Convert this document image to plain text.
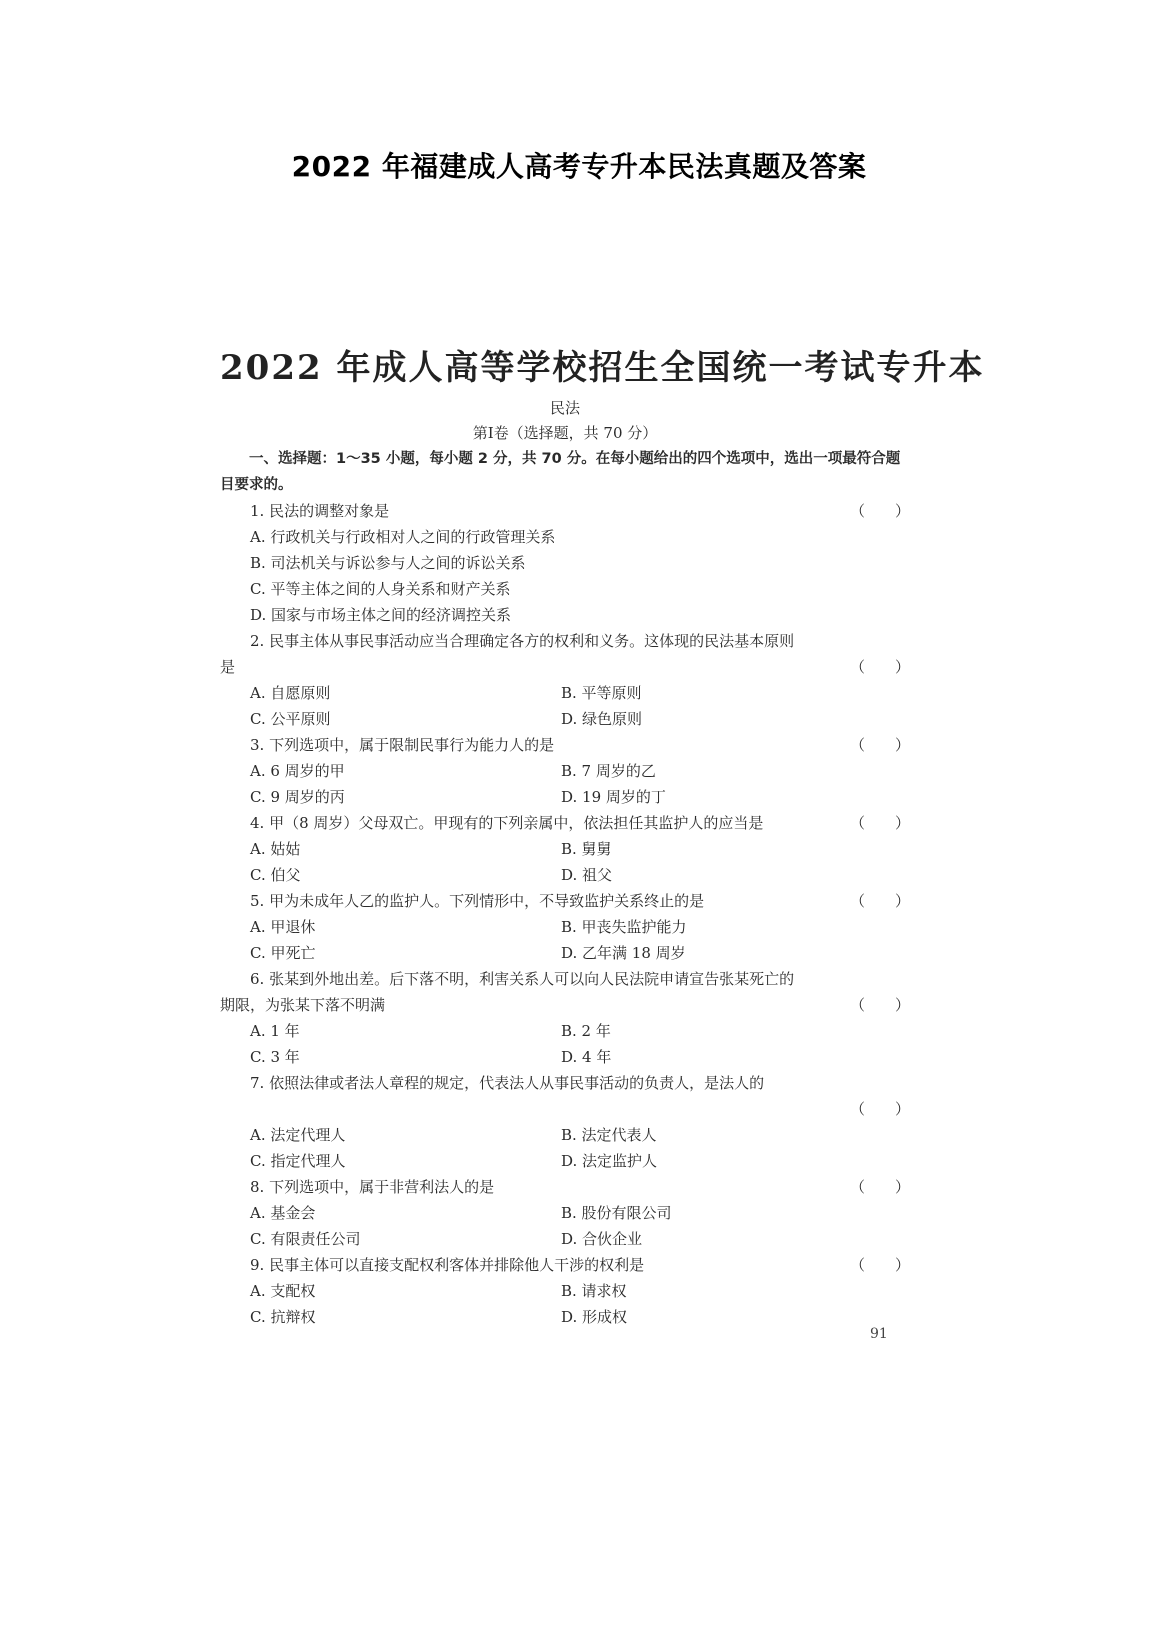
2022 年福建成人高考专升本民法真题及答案
2022 年成人高等学校招生全国统一考试专升本
民法
第Ⅰ卷（选择题，共 70 分）

一、选择题：1～35 小题，每小题 2 分，共 70 分。在每小题给出的四个选项中，选出一项最符合题目要求的。

1. 民法的调整对象是	（　　）
A. 行政机关与行政相对人之间的行政管理关系
B. 司法机关与诉讼参与人之间的诉讼关系
C. 平等主体之间的人身关系和财产关系
D. 国家与市场主体之间的经济调控关系
2. 民事主体从事民事活动应当合理确定各方的权利和义务。这体现的民法基本原则
是	（　　）
A. 自愿原则	B. 平等原则
C. 公平原则	D. 绿色原则
3. 下列选项中，属于限制民事行为能力人的是	（　　）
A. 6 周岁的甲	B. 7 周岁的乙
C. 9 周岁的丙	D. 19 周岁的丁
4. 甲（8 周岁）父母双亡。甲现有的下列亲属中，依法担任其监护人的应当是	（　　）
A. 姑姑	B. 舅舅
C. 伯父	D. 祖父
5. 甲为未成年人乙的监护人。下列情形中，不导致监护关系终止的是	（　　）
A. 甲退休	B. 甲丧失监护能力
C. 甲死亡	D. 乙年满 18 周岁
6. 张某到外地出差。后下落不明，利害关系人可以向人民法院申请宣告张某死亡的
期限，为张某下落不明满	（　　）
A. 1 年	B. 2 年
C. 3 年	D. 4 年
7. 依照法律或者法人章程的规定，代表法人从事民事活动的负责人，是法人的
（　　）
A. 法定代理人	B. 法定代表人
C. 指定代理人	D. 法定监护人
8. 下列选项中，属于非营利法人的是	（　　）
A. 基金会	B. 股份有限公司
C. 有限责任公司	D. 合伙企业
9. 民事主体可以直接支配权利客体并排除他人干涉的权利是	（　　）
A. 支配权	B. 请求权
C. 抗辩权	D. 形成权
91
